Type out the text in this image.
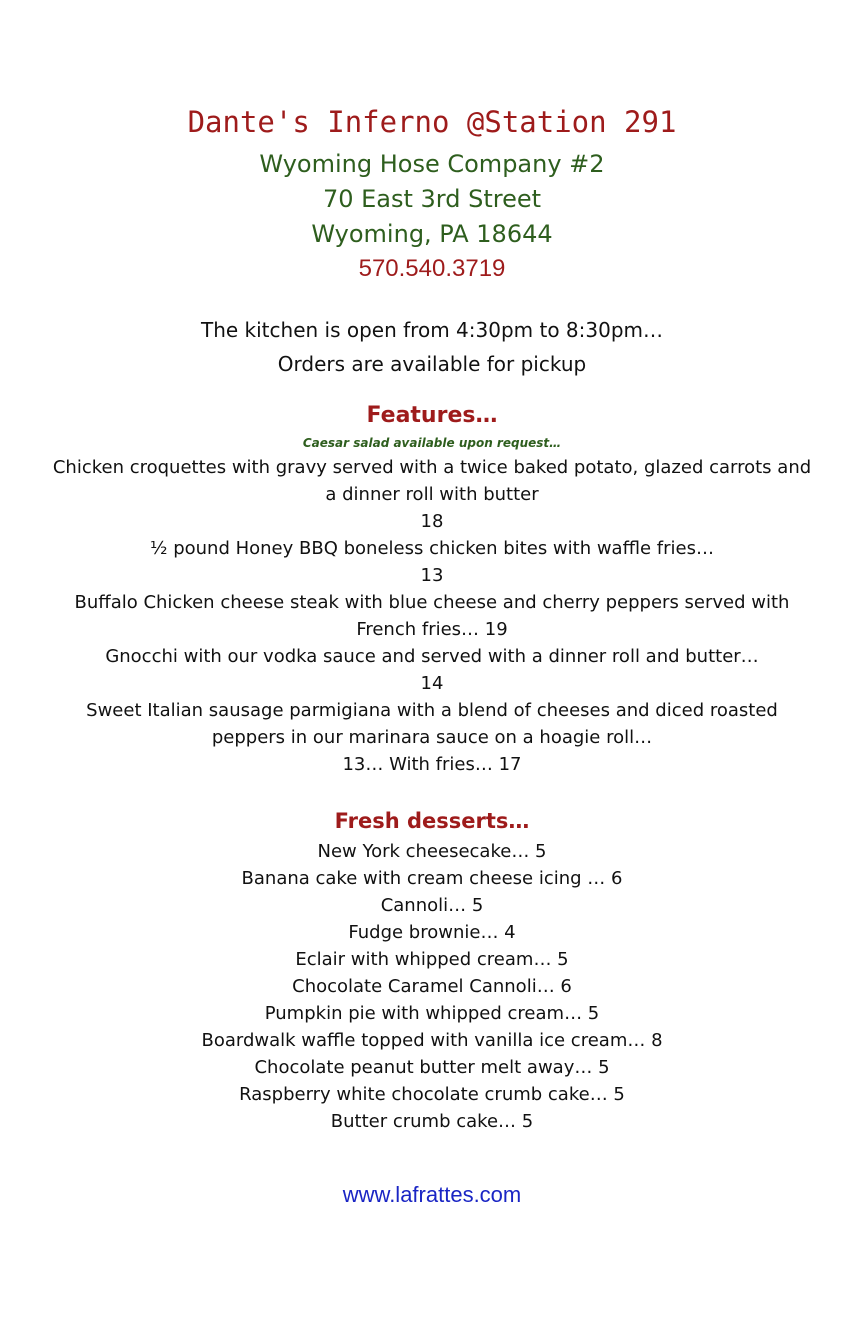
Dante's Inferno @Station 291
Wyoming Hose Company #2
70 East 3rd Street
Wyoming, PA 18644
570.540.3719
The kitchen is open from 4:30pm to 8:30pm…
Orders are available for pickup
Features…
Caesar salad available upon request…
Chicken croquettes with gravy served with a twice baked potato, glazed carrots and
a dinner roll with butter
18
½ pound Honey BBQ boneless chicken bites with waffle fries…
13
Buffalo Chicken cheese steak with blue cheese and cherry peppers served with
French fries… 19
Gnocchi with our vodka sauce and served with a dinner roll and butter…
14
Sweet Italian sausage parmigiana with a blend of cheeses and diced roasted
peppers in our marinara sauce on a hoagie roll…
13… With fries… 17
Fresh desserts…
New York cheesecake… 5
Banana cake with cream cheese icing … 6
Cannoli… 5
Fudge brownie… 4
Eclair with whipped cream… 5
Chocolate Caramel Cannoli… 6
Pumpkin pie with whipped cream… 5
Boardwalk waffle topped with vanilla ice cream… 8
Chocolate peanut butter melt away… 5
Raspberry white chocolate crumb cake… 5
Butter crumb cake… 5
www.lafrattes.com
